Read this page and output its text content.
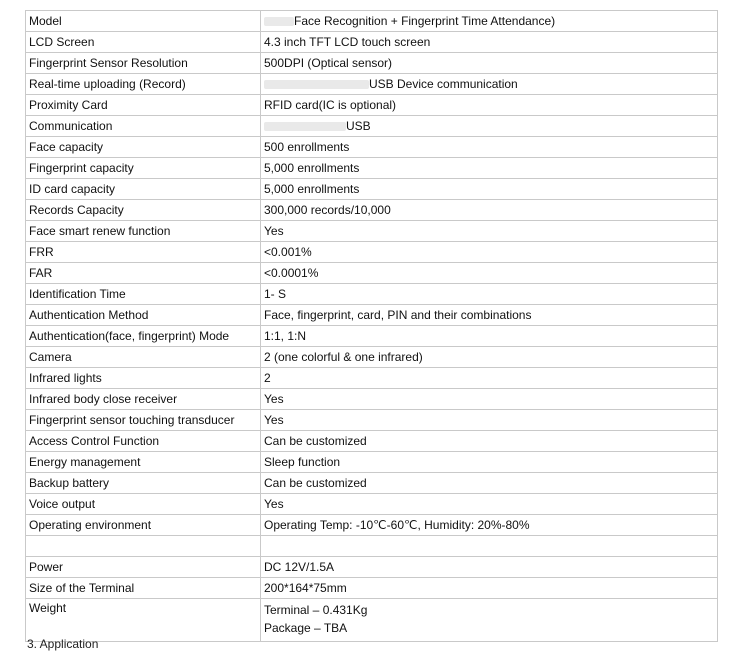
Model	Face Recognition + Fingerprint Time Attendance)
LCD Screen	4.3 inch TFT LCD touch screen
Fingerprint Sensor Resolution	500DPI (Optical sensor)
Real-time uploading (Record)	USB Device communication
Proximity Card	RFID card(IC is optional)
Communication	USB
Face capacity	500 enrollments
Fingerprint capacity	5,000 enrollments
ID card capacity	5,000 enrollments
Records Capacity	300,000 records/10,000
Face smart renew function	Yes
FRR	<0.001%
FAR	<0.0001%
Identification Time	1- S
Authentication Method	Face, fingerprint, card, PIN and their combinations
Authentication(face, fingerprint) Mode	1:1, 1:N
Camera	2 (one colorful & one infrared)
Infrared lights	2
Infrared body close receiver	Yes
Fingerprint sensor touching transducer	Yes
Access Control Function	Can be customized
Energy management	Sleep function
Backup battery	Can be customized
Voice output	Yes
Operating environment	Operating Temp: -10℃-60℃, Humidity: 20%-80%

Power	DC 12V/1.5A
Size of the Terminal	200*164*75mm
Weight	Terminal – 0.431Kg
Package – TBA
3. Application
